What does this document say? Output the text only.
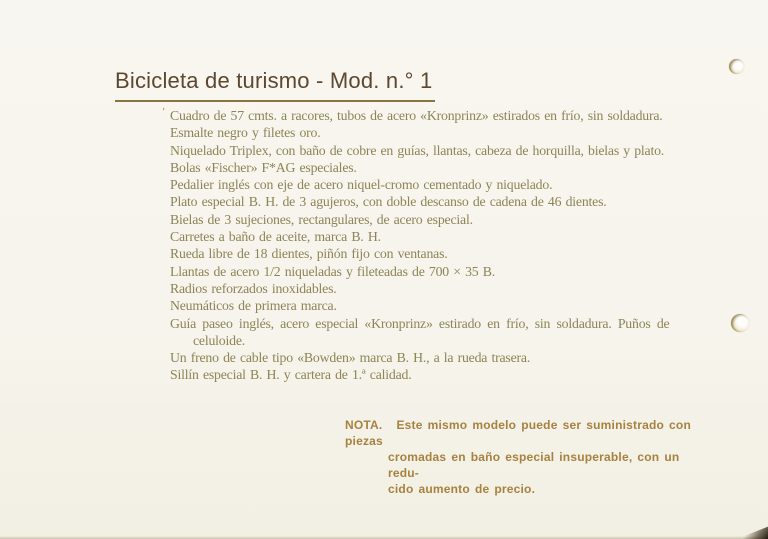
Bicicleta de turismo - Mod. n.° 1
' Cuadro de 57 cmts. a racores, tubos de acero «Kronprinz» estirados en frío, sin soldadura.
Esmalte negro y filetes oro.
Niquelado Triplex, con baño de cobre en guías, llantas, cabeza de horquilla, bielas y plato.
Bolas «Fischer» F*AG especiales.
Pedalier inglés con eje de acero niquel-cromo cementado y niquelado.
Plato especial B. H. de 3 agujeros, con doble descanso de cadena de 46 dientes.
Bielas de 3 sujeciones, rectangulares, de acero especial.
Carretes a baño de aceite, marca B. H.
Rueda libre de 18 dientes, piñón fijo con ventanas.
Llantas de acero 1/2 niqueladas y fileteadas de 700 × 35 B.
Radios reforzados inoxidables.
Neumáticos de primera marca.
Guía paseo inglés, acero especial «Kronprinz» estirado en frío, sin soldadura. Puños de
celuloide.
Un freno de cable tipo «Bowden» marca B. H., a la rueda trasera.
Sillín especial B. H. y cartera de 1.ª calidad.
NOTA. Este mismo modelo puede ser suministrado con piezas
cromadas en baño especial insuperable, con un redu-
cido aumento de precio.
